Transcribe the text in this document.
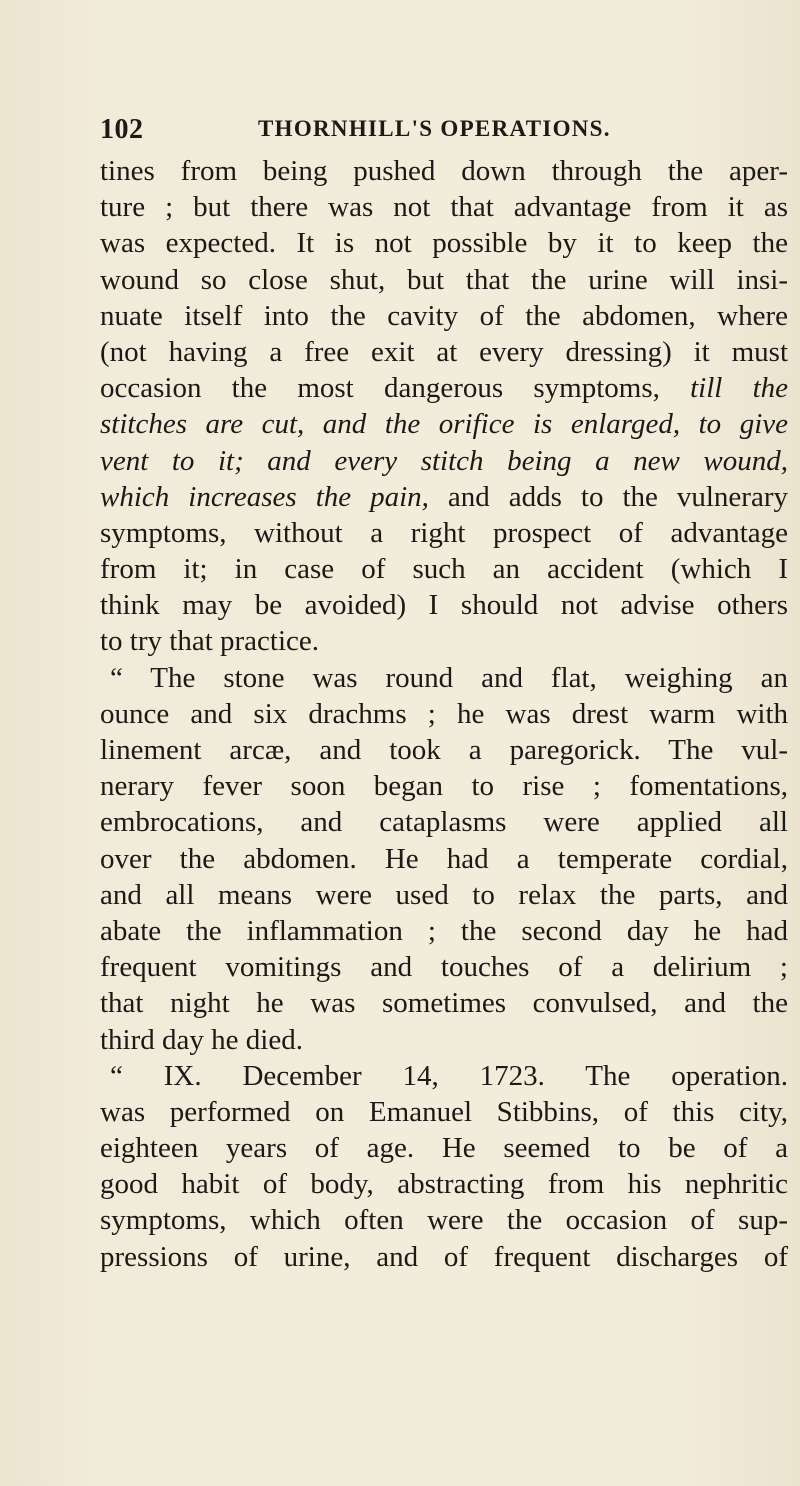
102	THORNHILL'S OPERATIONS.
tines from being pushed down through the aper-
ture ; but there was not that advantage from it as
was expected. It is not possible by it to keep the
wound so close shut, but that the urine will insi-
nuate itself into the cavity of the abdomen, where
(not having a free exit at every dressing) it must
occasion the most dangerous symptoms, till the
stitches are cut, and the orifice is enlarged, to give
vent to it; and every stitch being a new wound,
which increases the pain, and adds to the vulnerary
symptoms, without a right prospect of advantage
from it; in case of such an accident (which I
think may be avoided) I should not advise others
to try that practice.
“ The stone was round and flat, weighing an
ounce and six drachms ; he was drest warm with
linement arcæ, and took a paregorick. The vul-
nerary fever soon began to rise ; fomentations,
embrocations, and cataplasms were applied all
over the abdomen. He had a temperate cordial,
and all means were used to relax the parts, and
abate the inflammation ; the second day he had
frequent vomitings and touches of a delirium ;
that night he was sometimes convulsed, and the
third day he died.
“ IX. December 14, 1723. The operation.
was performed on Emanuel Stibbins, of this city,
eighteen years of age. He seemed to be of a
good habit of body, abstracting from his nephritic
symptoms, which often were the occasion of sup-
pressions of urine, and of frequent discharges of
